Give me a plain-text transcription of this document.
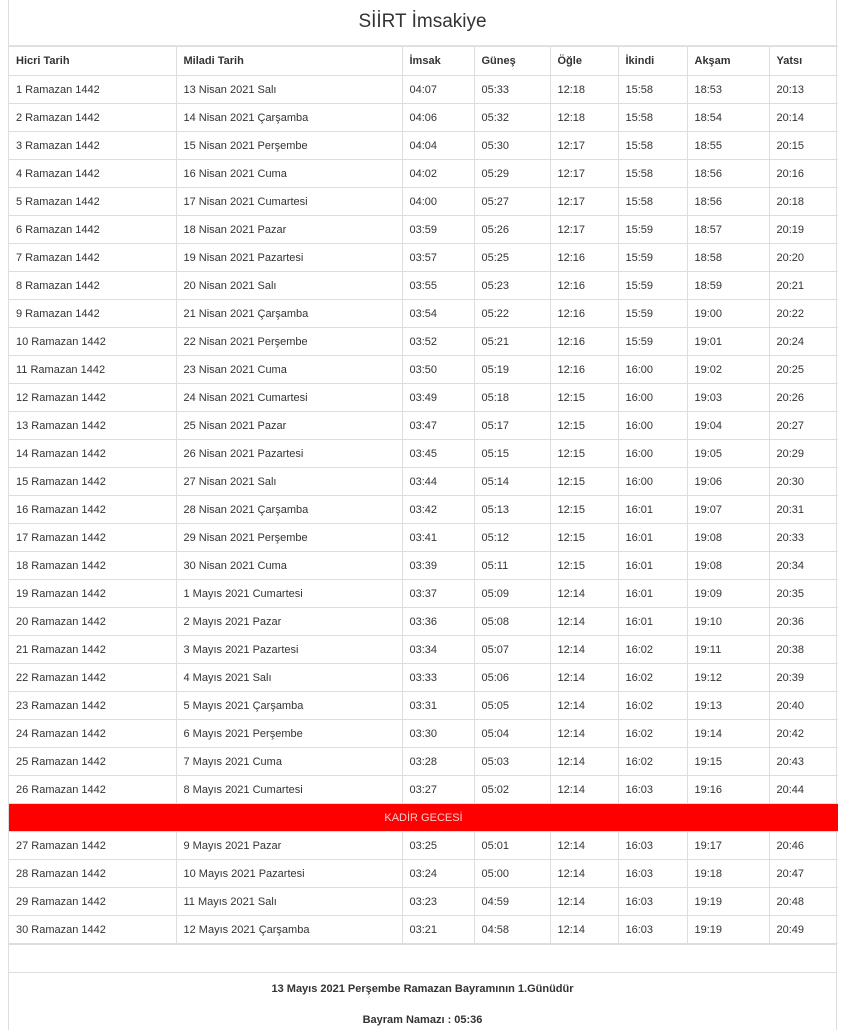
SİİRT İmsakiye
Hicri Tarih	Miladi Tarih	İmsak	Güneş	Öğle	İkindi	Akşam	Yatsı
1 Ramazan 1442	13 Nisan 2021 Salı	04:07	05:33	12:18	15:58	18:53	20:13
2 Ramazan 1442	14 Nisan 2021 Çarşamba	04:06	05:32	12:18	15:58	18:54	20:14
3 Ramazan 1442	15 Nisan 2021 Perşembe	04:04	05:30	12:17	15:58	18:55	20:15
4 Ramazan 1442	16 Nisan 2021 Cuma	04:02	05:29	12:17	15:58	18:56	20:16
5 Ramazan 1442	17 Nisan 2021 Cumartesi	04:00	05:27	12:17	15:58	18:56	20:18
6 Ramazan 1442	18 Nisan 2021 Pazar	03:59	05:26	12:17	15:59	18:57	20:19
7 Ramazan 1442	19 Nisan 2021 Pazartesi	03:57	05:25	12:16	15:59	18:58	20:20
8 Ramazan 1442	20 Nisan 2021 Salı	03:55	05:23	12:16	15:59	18:59	20:21
9 Ramazan 1442	21 Nisan 2021 Çarşamba	03:54	05:22	12:16	15:59	19:00	20:22
10 Ramazan 1442	22 Nisan 2021 Perşembe	03:52	05:21	12:16	15:59	19:01	20:24
11 Ramazan 1442	23 Nisan 2021 Cuma	03:50	05:19	12:16	16:00	19:02	20:25
12 Ramazan 1442	24 Nisan 2021 Cumartesi	03:49	05:18	12:15	16:00	19:03	20:26
13 Ramazan 1442	25 Nisan 2021 Pazar	03:47	05:17	12:15	16:00	19:04	20:27
14 Ramazan 1442	26 Nisan 2021 Pazartesi	03:45	05:15	12:15	16:00	19:05	20:29
15 Ramazan 1442	27 Nisan 2021 Salı	03:44	05:14	12:15	16:00	19:06	20:30
16 Ramazan 1442	28 Nisan 2021 Çarşamba	03:42	05:13	12:15	16:01	19:07	20:31
17 Ramazan 1442	29 Nisan 2021 Perşembe	03:41	05:12	12:15	16:01	19:08	20:33
18 Ramazan 1442	30 Nisan 2021 Cuma	03:39	05:11	12:15	16:01	19:08	20:34
19 Ramazan 1442	1 Mayıs 2021 Cumartesi	03:37	05:09	12:14	16:01	19:09	20:35
20 Ramazan 1442	2 Mayıs 2021 Pazar	03:36	05:08	12:14	16:01	19:10	20:36
21 Ramazan 1442	3 Mayıs 2021 Pazartesi	03:34	05:07	12:14	16:02	19:11	20:38
22 Ramazan 1442	4 Mayıs 2021 Salı	03:33	05:06	12:14	16:02	19:12	20:39
23 Ramazan 1442	5 Mayıs 2021 Çarşamba	03:31	05:05	12:14	16:02	19:13	20:40
24 Ramazan 1442	6 Mayıs 2021 Perşembe	03:30	05:04	12:14	16:02	19:14	20:42
25 Ramazan 1442	7 Mayıs 2021 Cuma	03:28	05:03	12:14	16:02	19:15	20:43
26 Ramazan 1442	8 Mayıs 2021 Cumartesi	03:27	05:02	12:14	16:03	19:16	20:44
KADİR GECESİ							
27 Ramazan 1442	9 Mayıs 2021 Pazar	03:25	05:01	12:14	16:03	19:17	20:46
28 Ramazan 1442	10 Mayıs 2021 Pazartesi	03:24	05:00	12:14	16:03	19:18	20:47
29 Ramazan 1442	11 Mayıs 2021 Salı	03:23	04:59	12:14	16:03	19:19	20:48
30 Ramazan 1442	12 Mayıs 2021 Çarşamba	03:21	04:58	12:14	16:03	19:19	20:49
13 Mayıs 2021 Perşembe Ramazan Bayramının 1.Günüdür
Bayram Namazı : 05:36
